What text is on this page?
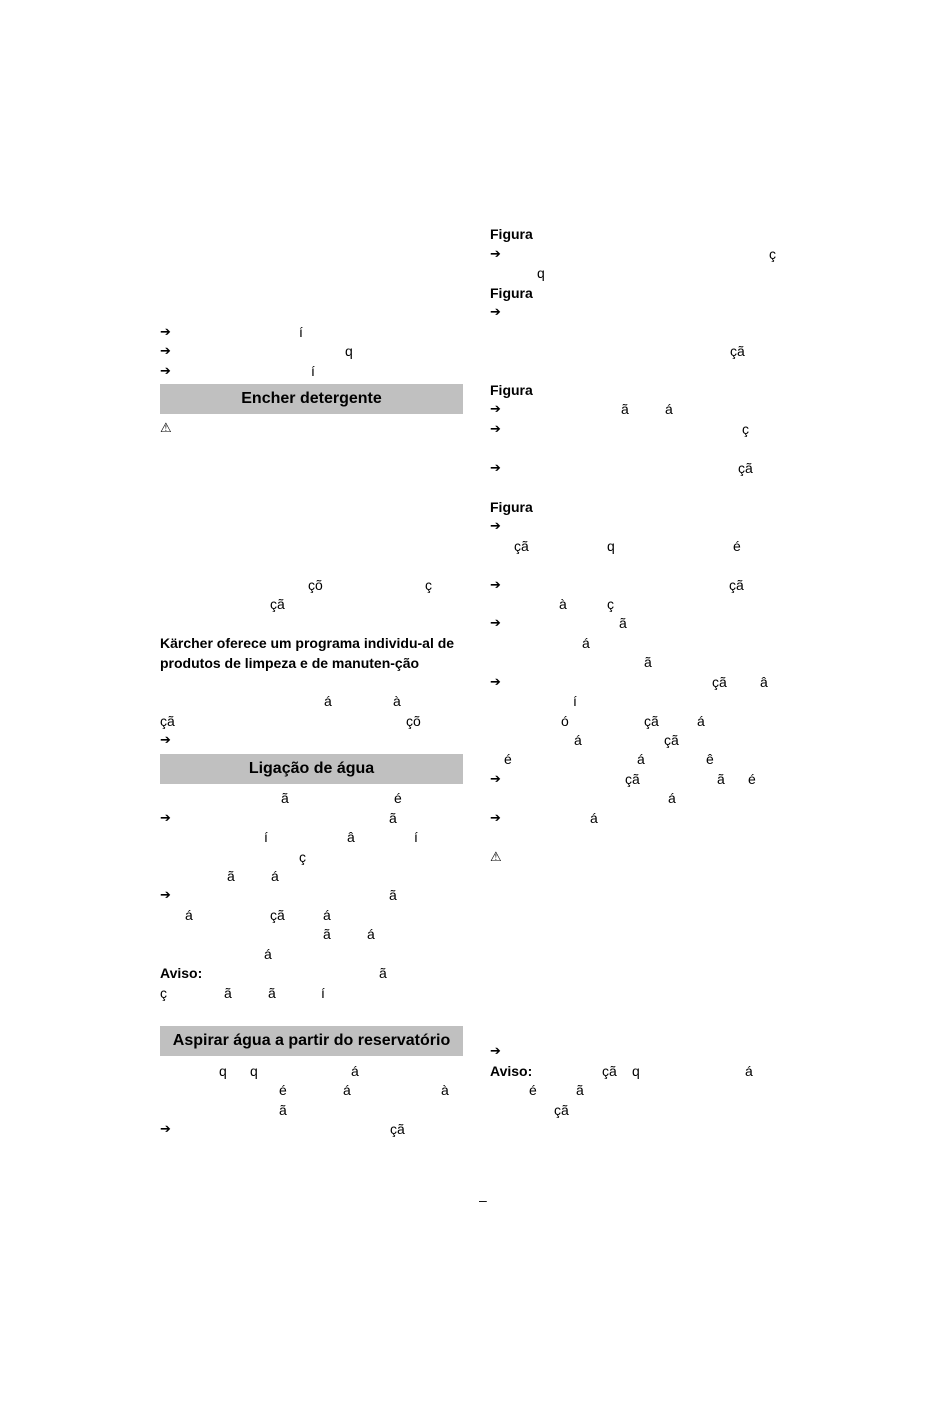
➔	í
➔	q
➔	í
Encher detergente
⚠
çõ	ç
çã
Kärcher oferece um programa individu-al de produtos de limpeza e de manuten-ção
á	à
çã	çõ
➔
Ligação de água
ã	é
➔	ã
í	â	í
ç
ã	á
➔	ã
á	çã	á
ã	á
á
Aviso:	ã
ç	ã	ã	í
Aspirar água a partir do reservatório
q q	á
é	á	à
ã
➔	çã
Figura
➔	ç
q
Figura
➔
çã
Figura
➔	ã	á
➔	ç
➔	çã
Figura
➔
çã	q	é
➔	çã
à	ç
➔	ã
á
ã
➔	çã â
í
ó	çã	á
á	çã
é	á	ê
➔	çã	ã é
á
➔	á
⚠
➔
Aviso:	çã q	á
é	ã
çã
–
